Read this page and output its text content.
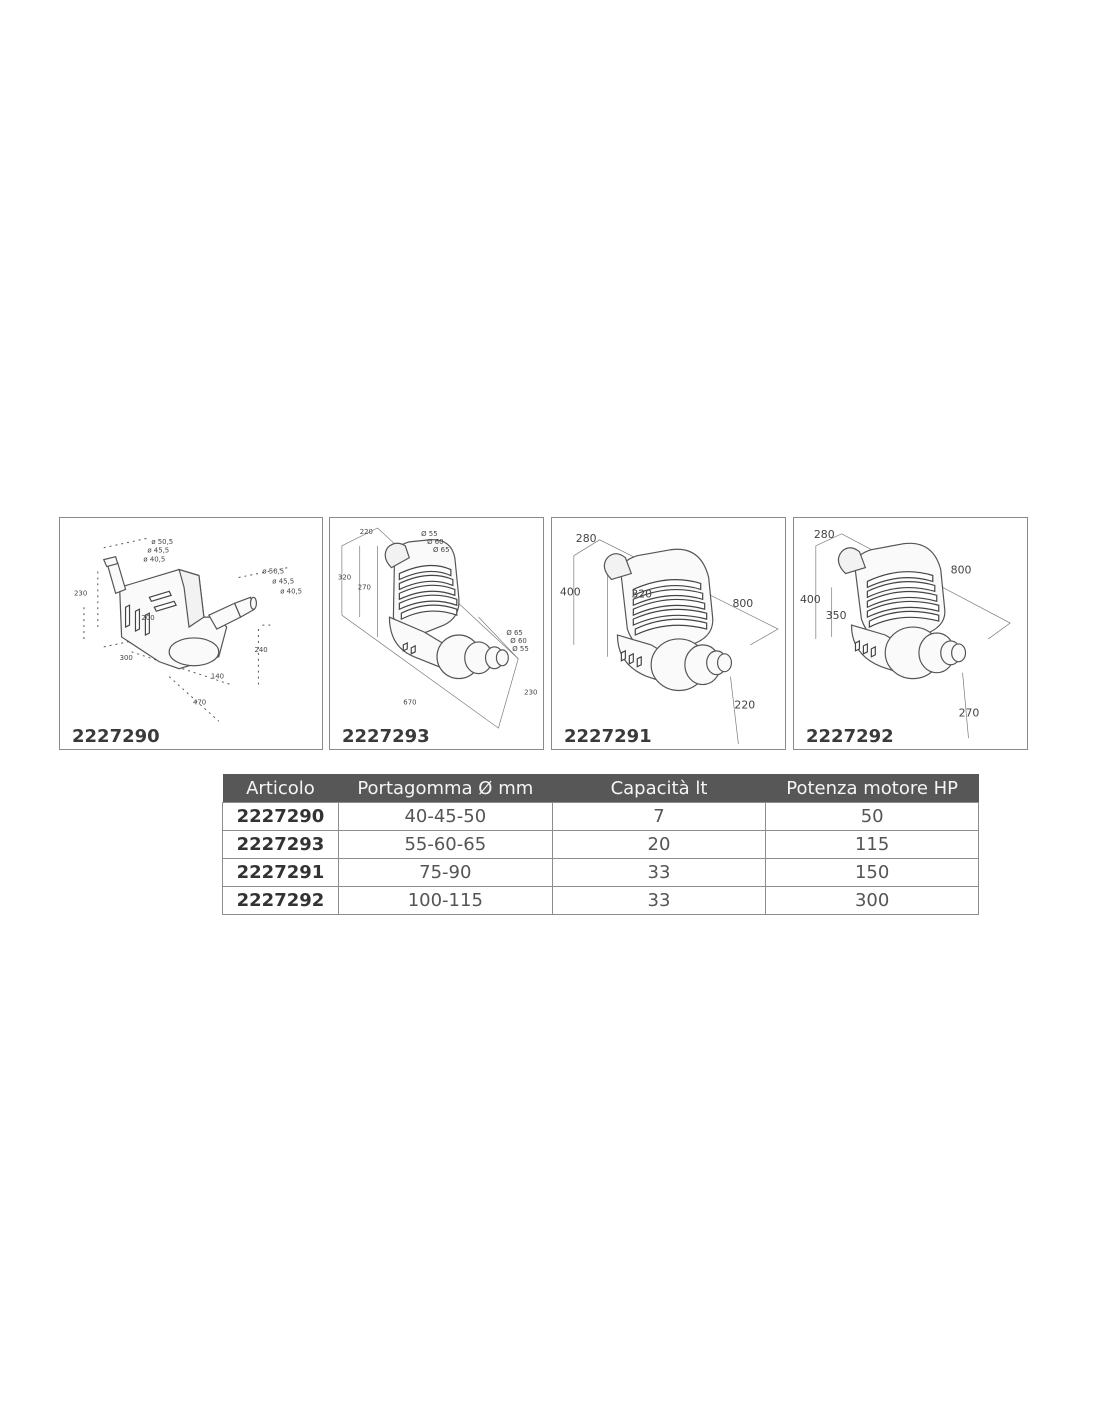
ø 50,5
ø 45,5
ø 40,5
ø 50,5
ø 45,5
ø 40,5
230
200
240
300
140
470
2227290
220	Ø 55
Ø 60
Ø 65
320
270
Ø 65
Ø 60
Ø 55
670
230
2227293
280
400	320
800
220
2227291
280
800
400
350
270
2227292
Articolo	Portagomma Ø mm	Capacità lt	Potenza motore HP
2227290	40-45-50	7	50
2227293	55-60-65	20	115
2227291	75-90	33	150
2227292	100-115	33	300
